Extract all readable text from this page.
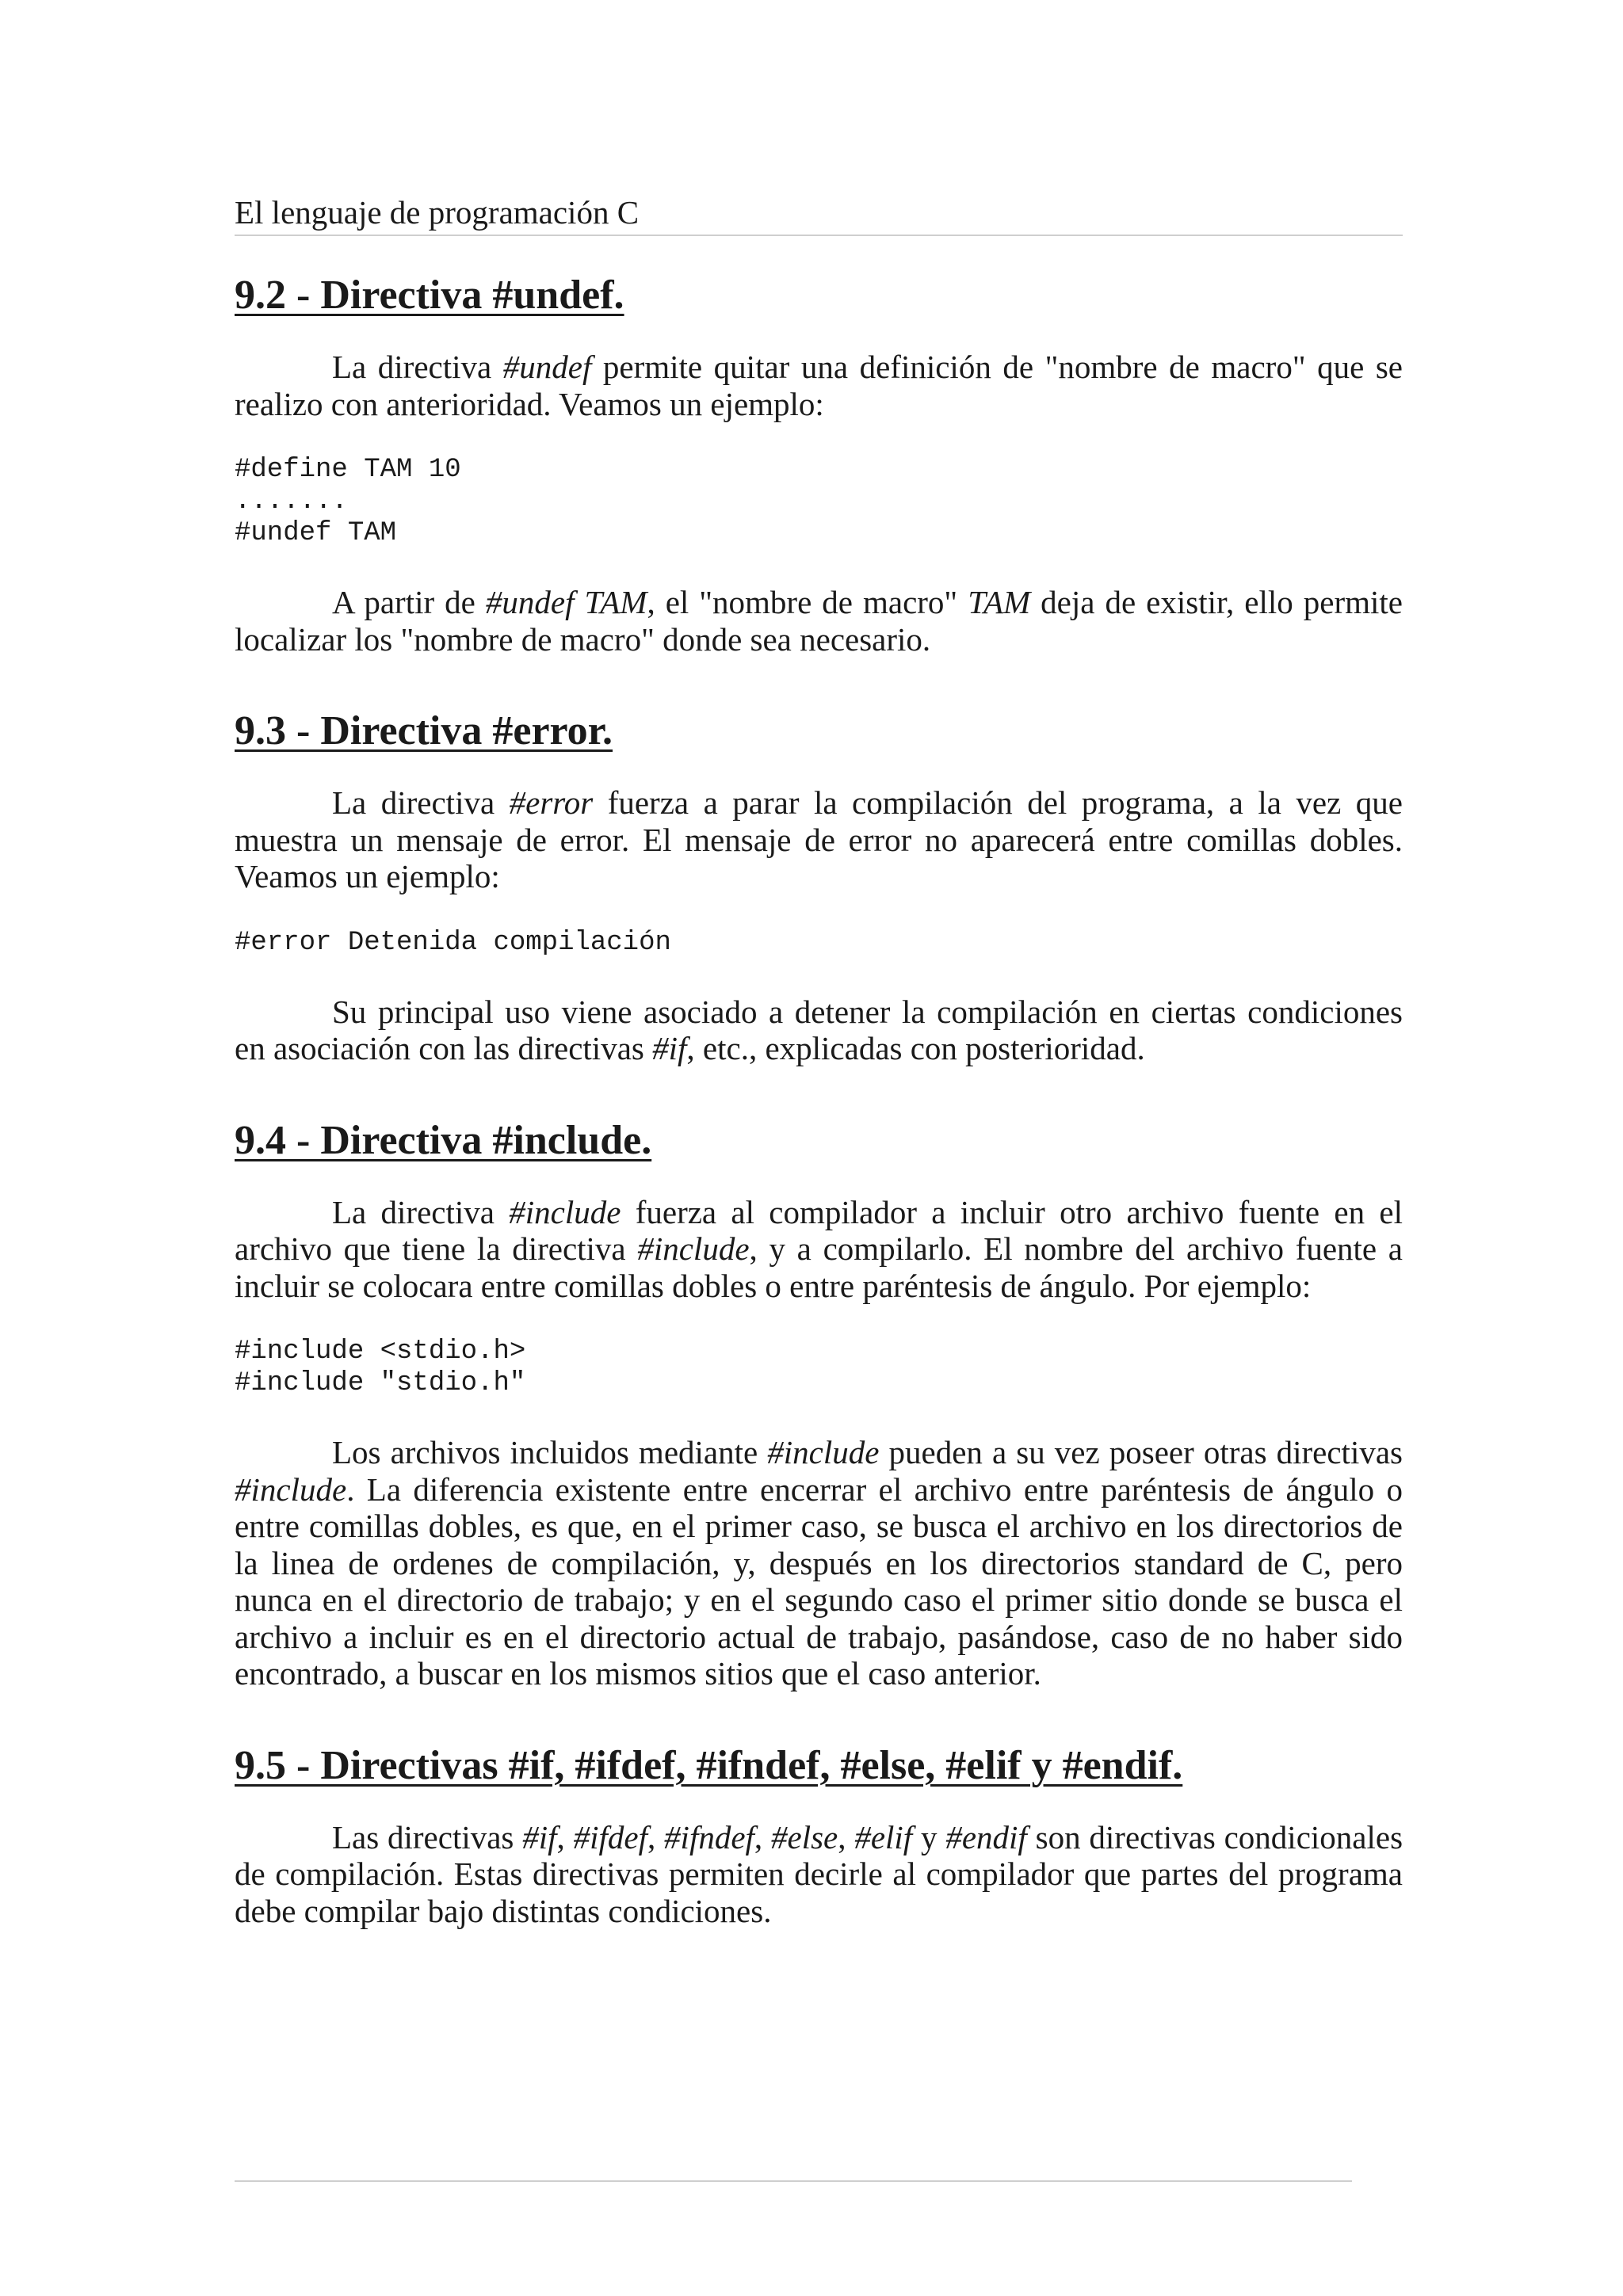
El lenguaje de programación C
9.2 - Directiva #undef.

La directiva #undef permite quitar una definición de "nombre de macro" que se realizo con anterioridad. Veamos un ejemplo:

#define TAM 10
.......
#undef TAM

A partir de #undef TAM, el "nombre de macro" TAM deja de existir, ello permite localizar los "nombre de macro" donde sea necesario.

9.3 - Directiva #error.

La directiva #error fuerza a parar la compilación del programa, a la vez que muestra un mensaje de error. El mensaje de error no aparecerá entre comillas dobles. Veamos un ejemplo:

#error Detenida compilación

Su principal uso viene asociado a detener la compilación en ciertas condiciones en asociación con las directivas #if, etc., explicadas con posterioridad.

9.4 - Directiva #include.

La directiva #include fuerza al compilador a incluir otro archivo fuente en el archivo que tiene la directiva #include, y a compilarlo. El nombre del archivo fuente a incluir se colocara entre comillas dobles o entre paréntesis de ángulo. Por ejemplo:

#include <stdio.h>
#include "stdio.h"

Los archivos incluidos mediante #include pueden a su vez poseer otras directivas #include. La diferencia existente entre encerrar el archivo entre paréntesis de ángulo o entre comillas dobles, es que, en el primer caso, se busca el archivo en los directorios de la linea de ordenes de compilación, y, después en los directorios standard de C, pero nunca en el directorio de trabajo; y en el segundo caso el primer sitio donde se busca el archivo a incluir es en el directorio actual de trabajo, pasándose, caso de no haber sido encontrado, a buscar en los mismos sitios que el caso anterior.

9.5 - Directivas #if, #ifdef, #ifndef, #else, #elif y #endif.

Las directivas #if, #ifdef, #ifndef, #else, #elif y #endif son directivas condicionales de compilación. Estas directivas permiten decirle al compilador que partes del programa debe compilar bajo distintas condiciones.
